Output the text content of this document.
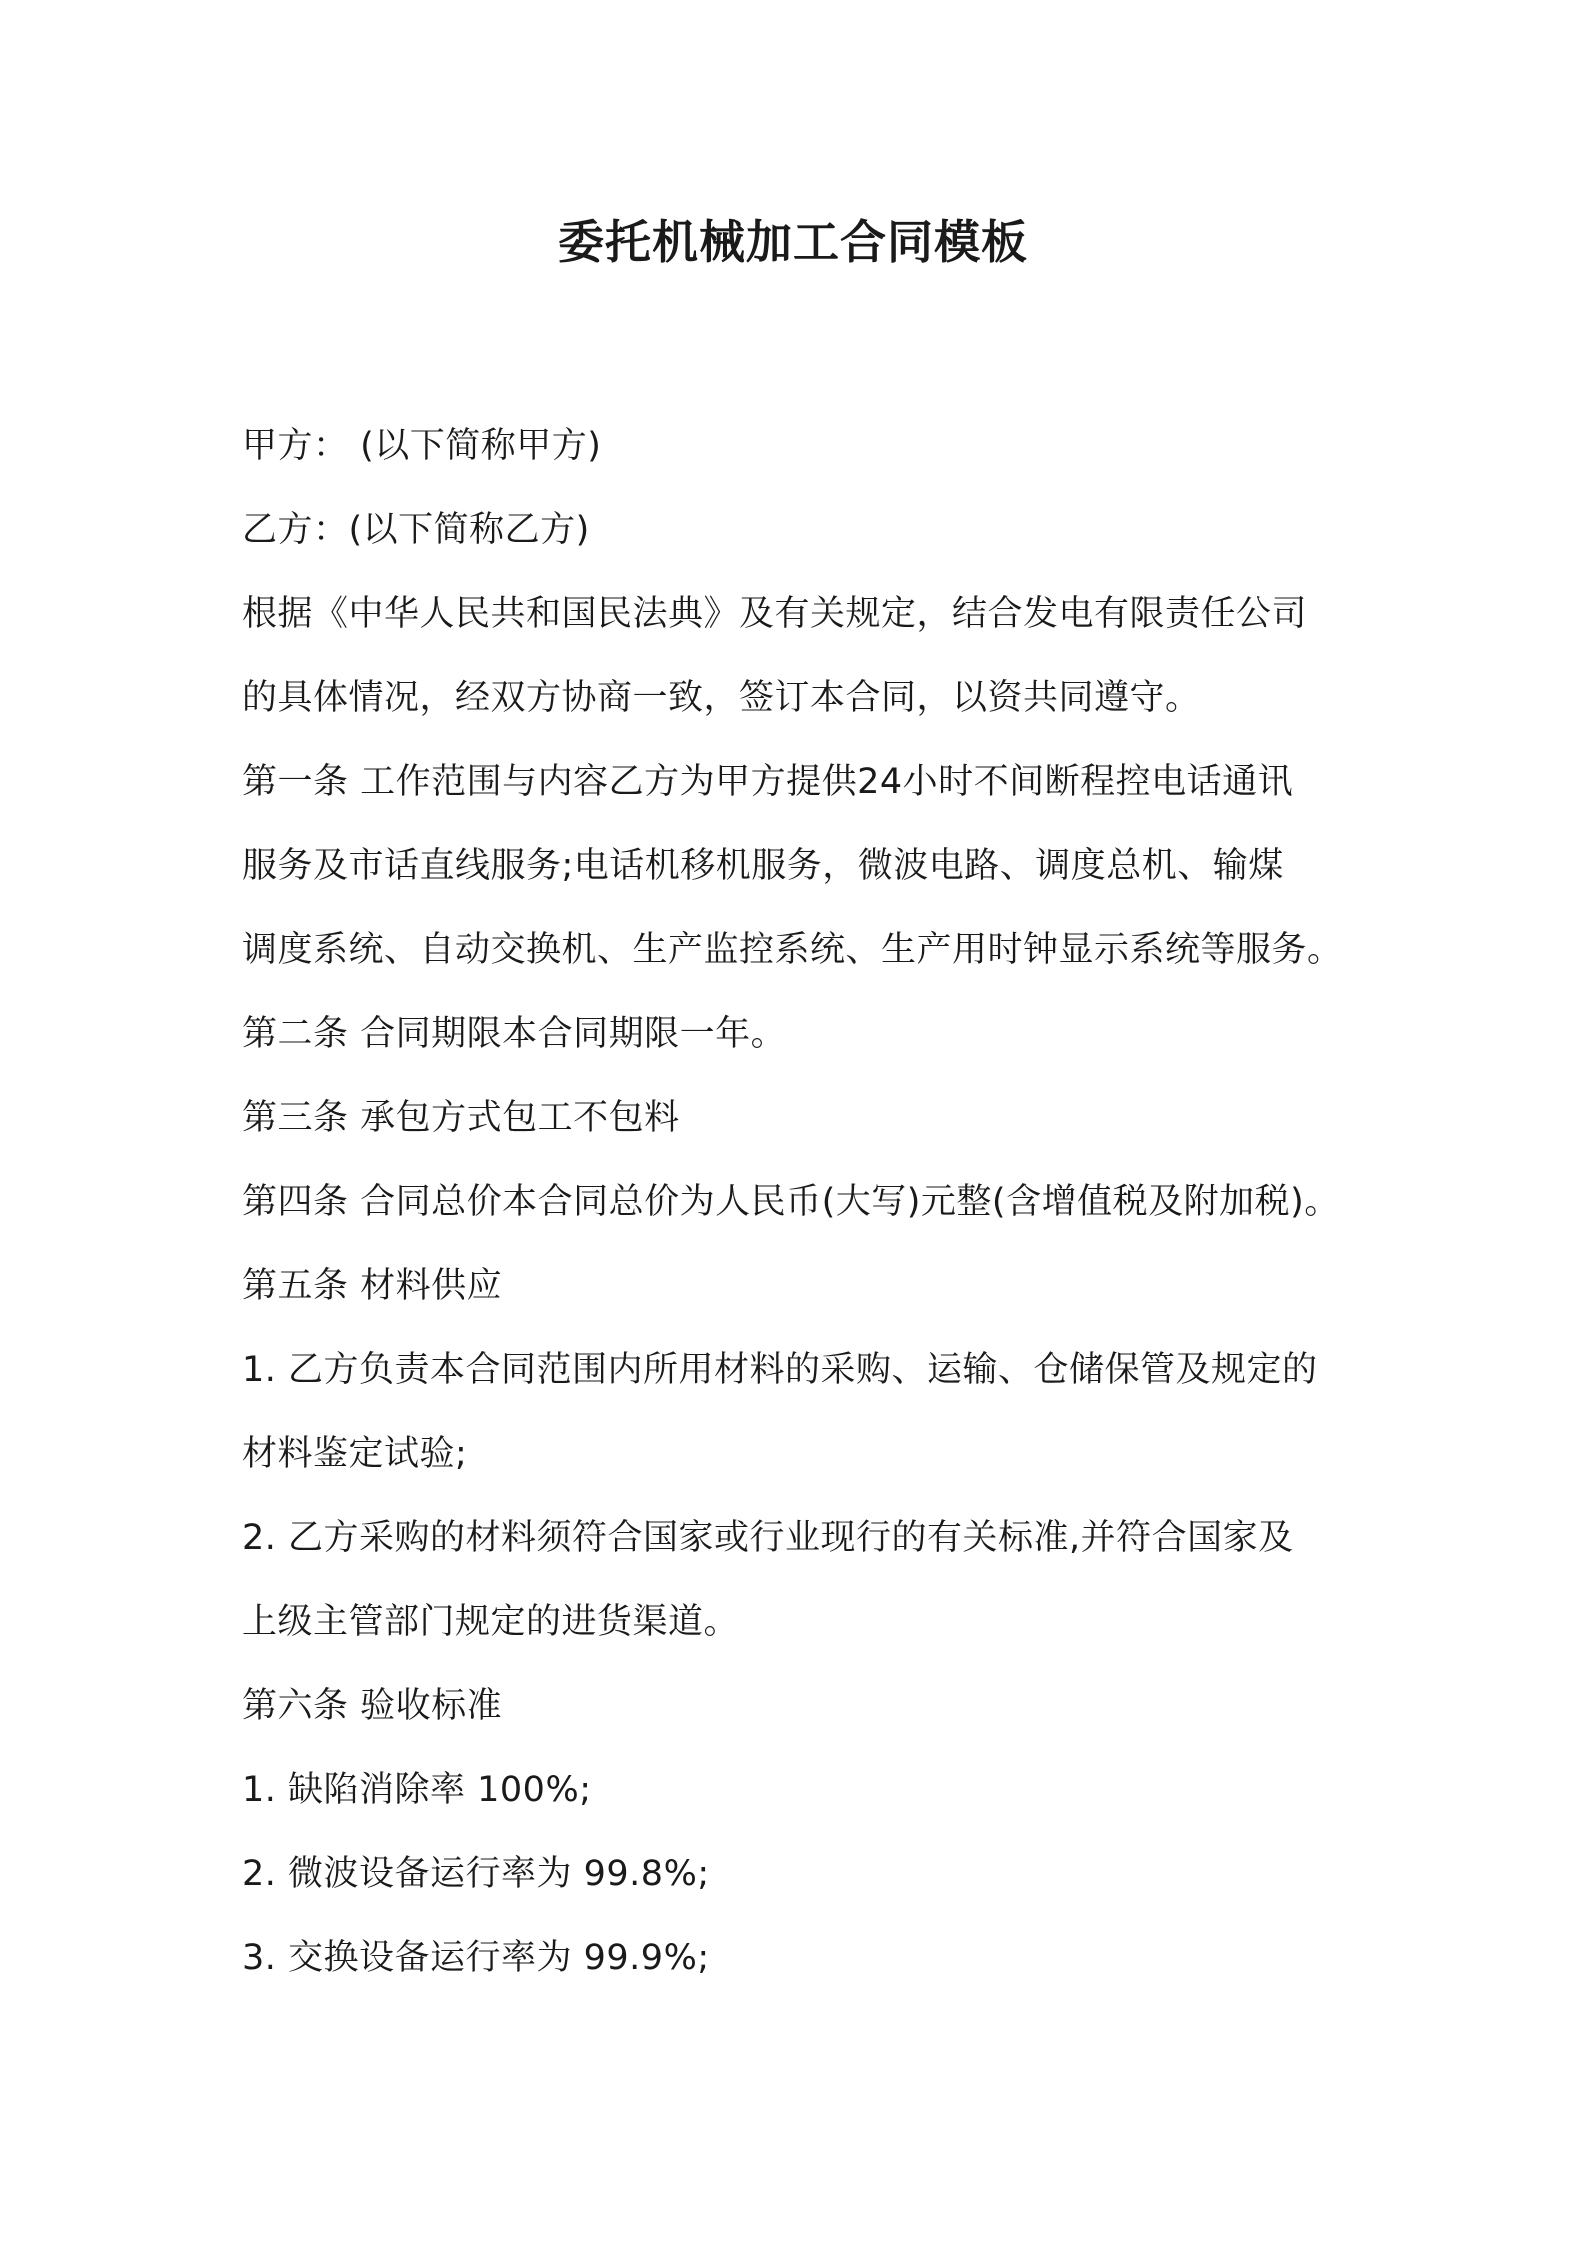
委托机械加工合同模板
甲方： (以下简称甲方)
乙方：(以下简称乙方)
根据《中华人民共和国民法典》及有关规定，结合发电有限责任公司
的具体情况，经双方协商一致，签订本合同，以资共同遵守。
第一条 工作范围与内容乙方为甲方提供24小时不间断程控电话通讯
服务及市话直线服务;电话机移机服务，微波电路、调度总机、输煤
调度系统、自动交换机、生产监控系统、生产用时钟显示系统等服务。
第二条 合同期限本合同期限一年。
第三条 承包方式包工不包料
第四条 合同总价本合同总价为人民币(大写)元整(含增值税及附加税)。
第五条 材料供应
1. 乙方负责本合同范围内所用材料的采购、运输、仓储保管及规定的
材料鉴定试验;
2. 乙方采购的材料须符合国家或行业现行的有关标准,并符合国家及
上级主管部门规定的进货渠道。
第六条 验收标准
1. 缺陷消除率 100%;
2. 微波设备运行率为 99.8%;
3. 交换设备运行率为 99.9%;
